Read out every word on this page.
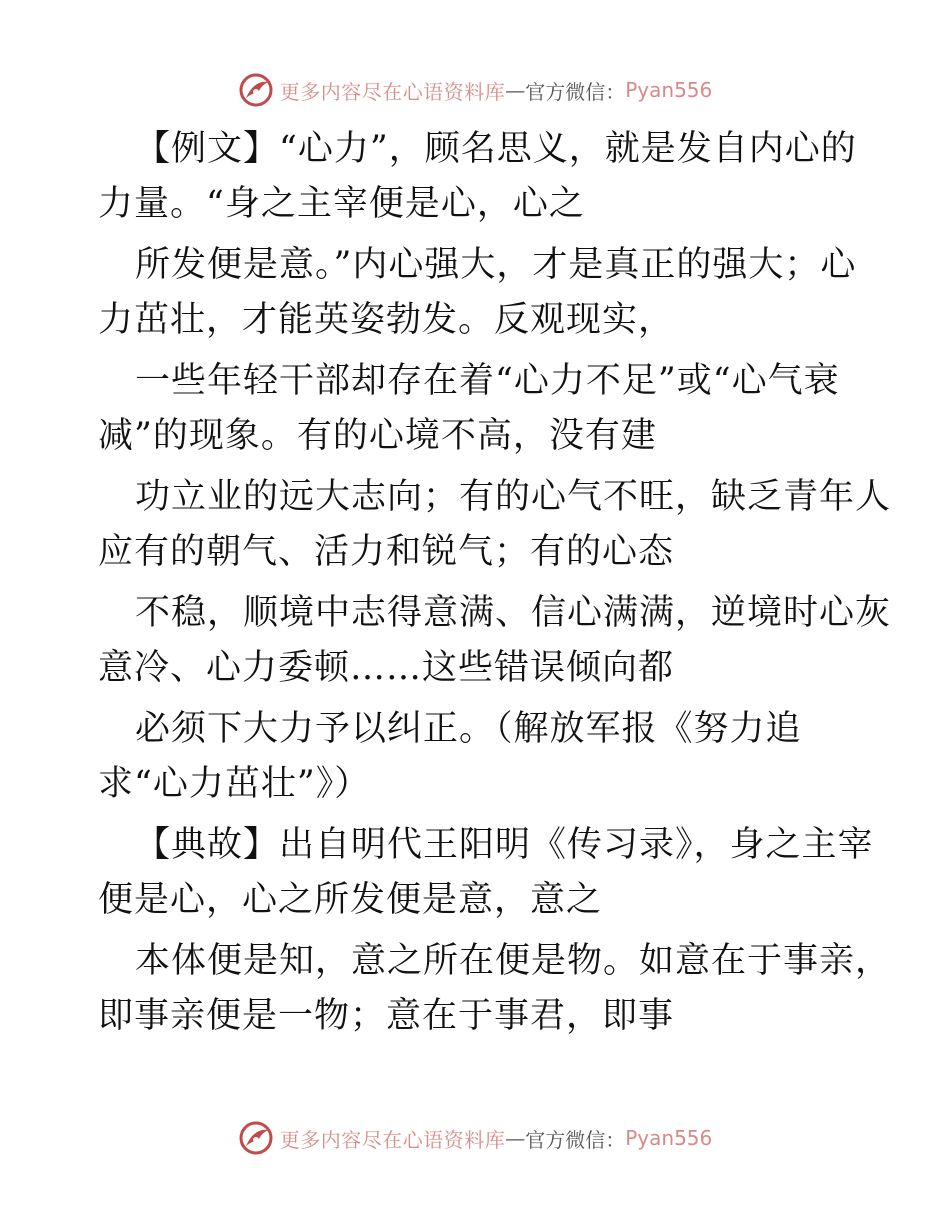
更多内容尽在心语资料库 — 官方微信： Pyan556
【例文】“心力”，顾名思义，就是发自内心的
力量。“身之主宰便是心，心之
所发便是意。”内心强大，才是真正的强大；心
力茁壮，才能英姿勃发。反观现实，
一些年轻干部却存在着“心力不足”或“心气衰
减”的现象。有的心境不高，没有建
功立业的远大志向；有的心气不旺，缺乏青年人
应有的朝气、活力和锐气；有的心态
不稳，顺境中志得意满、信心满满，逆境时心灰
意冷、心力委顿……这些错误倾向都
必须下大力予以纠正。（解放军报《努力追
求“心力茁壮”》）
【典故】出自明代王阳明《传习录》，身之主宰
便是心，心之所发便是意，意之
本体便是知，意之所在便是物。如意在于事亲，
即事亲便是一物；意在于事君，即事
更多内容尽在心语资料库 — 官方微信： Pyan556
